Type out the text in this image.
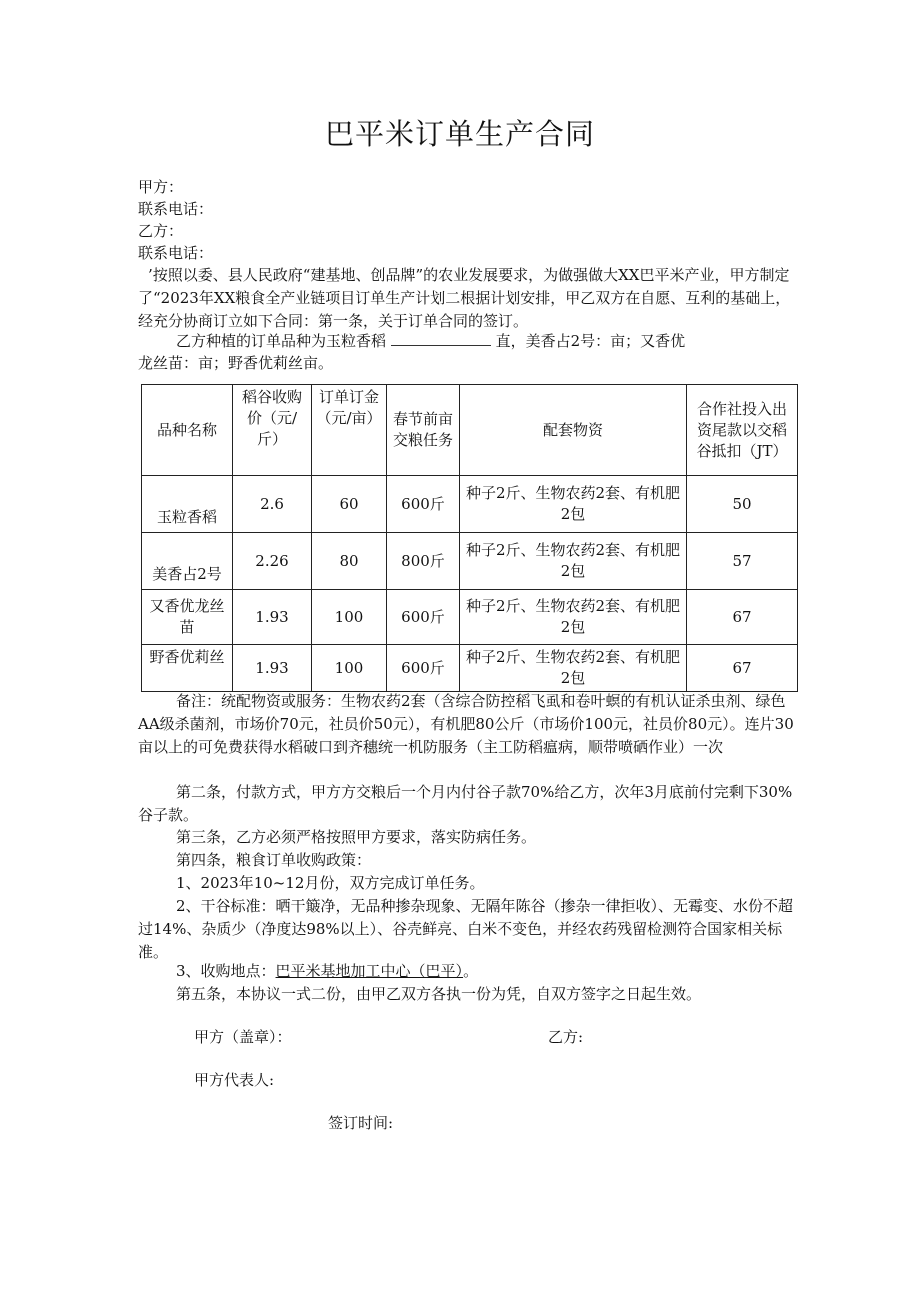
巴平米订单生产合同
甲方：
联系电话：
乙方：
联系电话：
’按照以委、县人民政府“建基地、创品牌”的农业发展要求，为做强做大XX巴平米产业，甲方制定了“2023年XX粮食全产业链项目订单生产计划二根据计划安排，甲乙双方在自愿、互利的基础上，经充分协商订立如下合同：第一条，关于订单合同的签订。
乙方种植的订单品种为玉粒香稻	直，美香占2号：亩；又香优
龙丝苗：亩；野香优莉丝亩。
品种名称	稻谷收购价（元/斤）	订单订金（元/亩）	春节前亩交粮任务	配套物资	合作社投入出资尾款以交稻谷抵扣（JT）
玉粒香稻	2.6	60	600斤	种子2斤、生物农药2套、有机肥2包	50
美香占2号	2.26	80	800斤	种子2斤、生物农药2套、有机肥2包	57
又香优龙丝苗	1.93	100	600斤	种子2斤、生物农药2套、有机肥2包	67
野香优莉丝	1.93	100	600斤	种子2斤、生物农药2套、有机肥2包	67
备注：统配物资或服务：生物农药2套（含综合防控稻飞虱和卷叶螟的有机认证杀虫剂、绿色AA级杀菌剂，市场价70元，社员价50元），有机肥80公斤（市场价100元，社员价80元）。连片30亩以上的可免费获得水稻破口到齐穗统一机防服务（主工防稻瘟病，顺带喷硒作业）一次
第二条，付款方式，甲方方交粮后一个月内付谷子款70%给乙方，次年3月底前付完剩下30%谷子款。
第三条，乙方必须严格按照甲方要求，落实防病任务。
第四条，粮食订单收购政策：
1、2023年10~12月份，双方完成订单任务。
2、干谷标准：晒干簸净，无品种掺杂现象、无隔年陈谷（掺杂一律拒收）、无霉变、水份不超过14%、杂质少（净度达98%以上）、谷壳鲜亮、白米不变色，并经农药残留检测符合国家相关标准。
3、收购地点：巴平米基地加工中心（巴平）。
第五条，本协议一式二份，由甲乙双方各执一份为凭，自双方签字之日起生效。
甲方（盖章）：	乙方:
甲方代表人:
签订时间:
